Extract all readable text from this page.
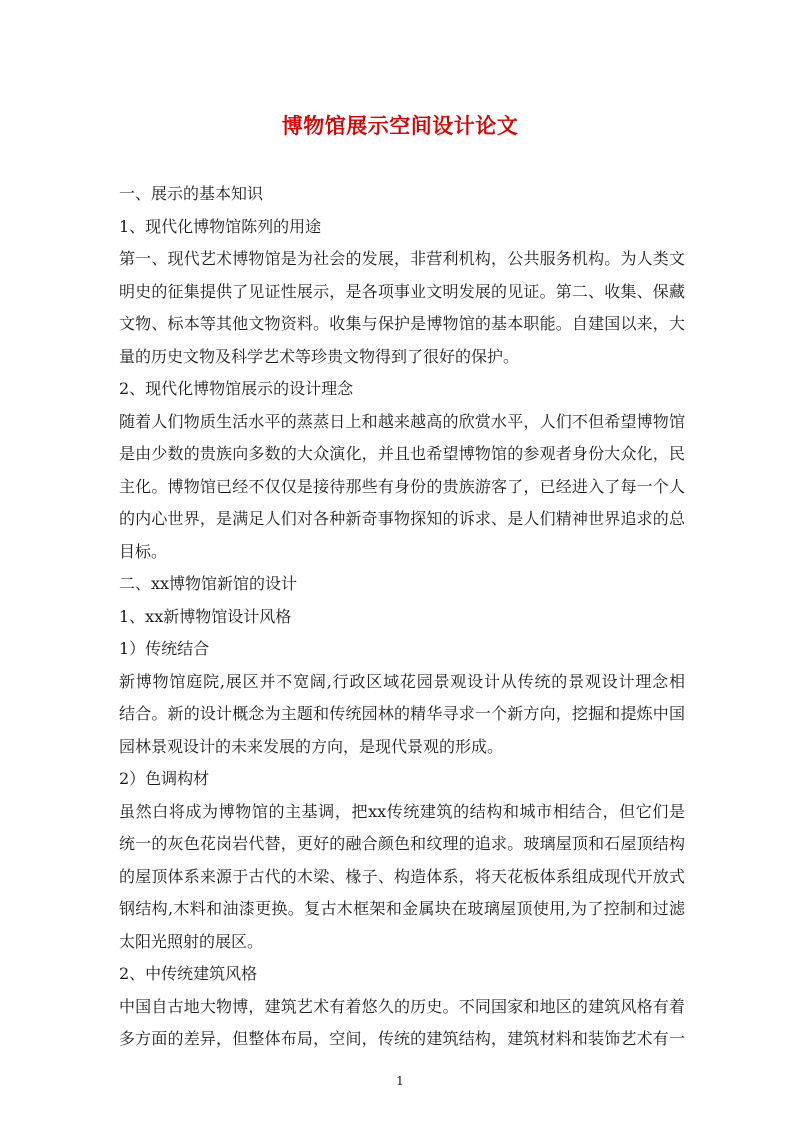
博物馆展示空间设计论文
一、展示的基本知识
1、现代化博物馆陈列的用途
第一、现代艺术博物馆是为社会的发展，非营利机构，公共服务机构。为人类文
明史的征集提供了见证性展示，是各项事业文明发展的见证。第二、收集、保藏
文物、标本等其他文物资料。收集与保护是博物馆的基本职能。自建国以来，大
量的历史文物及科学艺术等珍贵文物得到了很好的保护。
2、现代化博物馆展示的设计理念
随着人们物质生活水平的蒸蒸日上和越来越高的欣赏水平，人们不但希望博物馆
是由少数的贵族向多数的大众演化，并且也希望博物馆的参观者身份大众化，民
主化。博物馆已经不仅仅是接待那些有身份的贵族游客了，已经进入了每一个人
的内心世界，是满足人们对各种新奇事物探知的诉求、是人们精神世界追求的总
目标。
二、xx博物馆新馆的设计
1、xx新博物馆设计风格
1）传统结合
新博物馆庭院,展区并不宽阔,行政区域花园景观设计从传统的景观设计理念相
结合。新的设计概念为主题和传统园林的精华寻求一个新方向，挖掘和提炼中国
园林景观设计的未来发展的方向，是现代景观的形成。
2）色调构材
虽然白将成为博物馆的主基调，把xx传统建筑的结构和城市相结合，但它们是
统一的灰色花岗岩代替，更好的融合颜色和纹理的追求。玻璃屋顶和石屋顶结构
的屋顶体系来源于古代的木梁、椽子、构造体系，将天花板体系组成现代开放式
钢结构,木料和油漆更换。复古木框架和金属块在玻璃屋顶使用,为了控制和过滤
太阳光照射的展区。
2、中传统建筑风格
中国自古地大物博，建筑艺术有着悠久的历史。不同国家和地区的建筑风格有着
多方面的差异，但整体布局，空间，传统的建筑结构，建筑材料和装饰艺术有一
1
